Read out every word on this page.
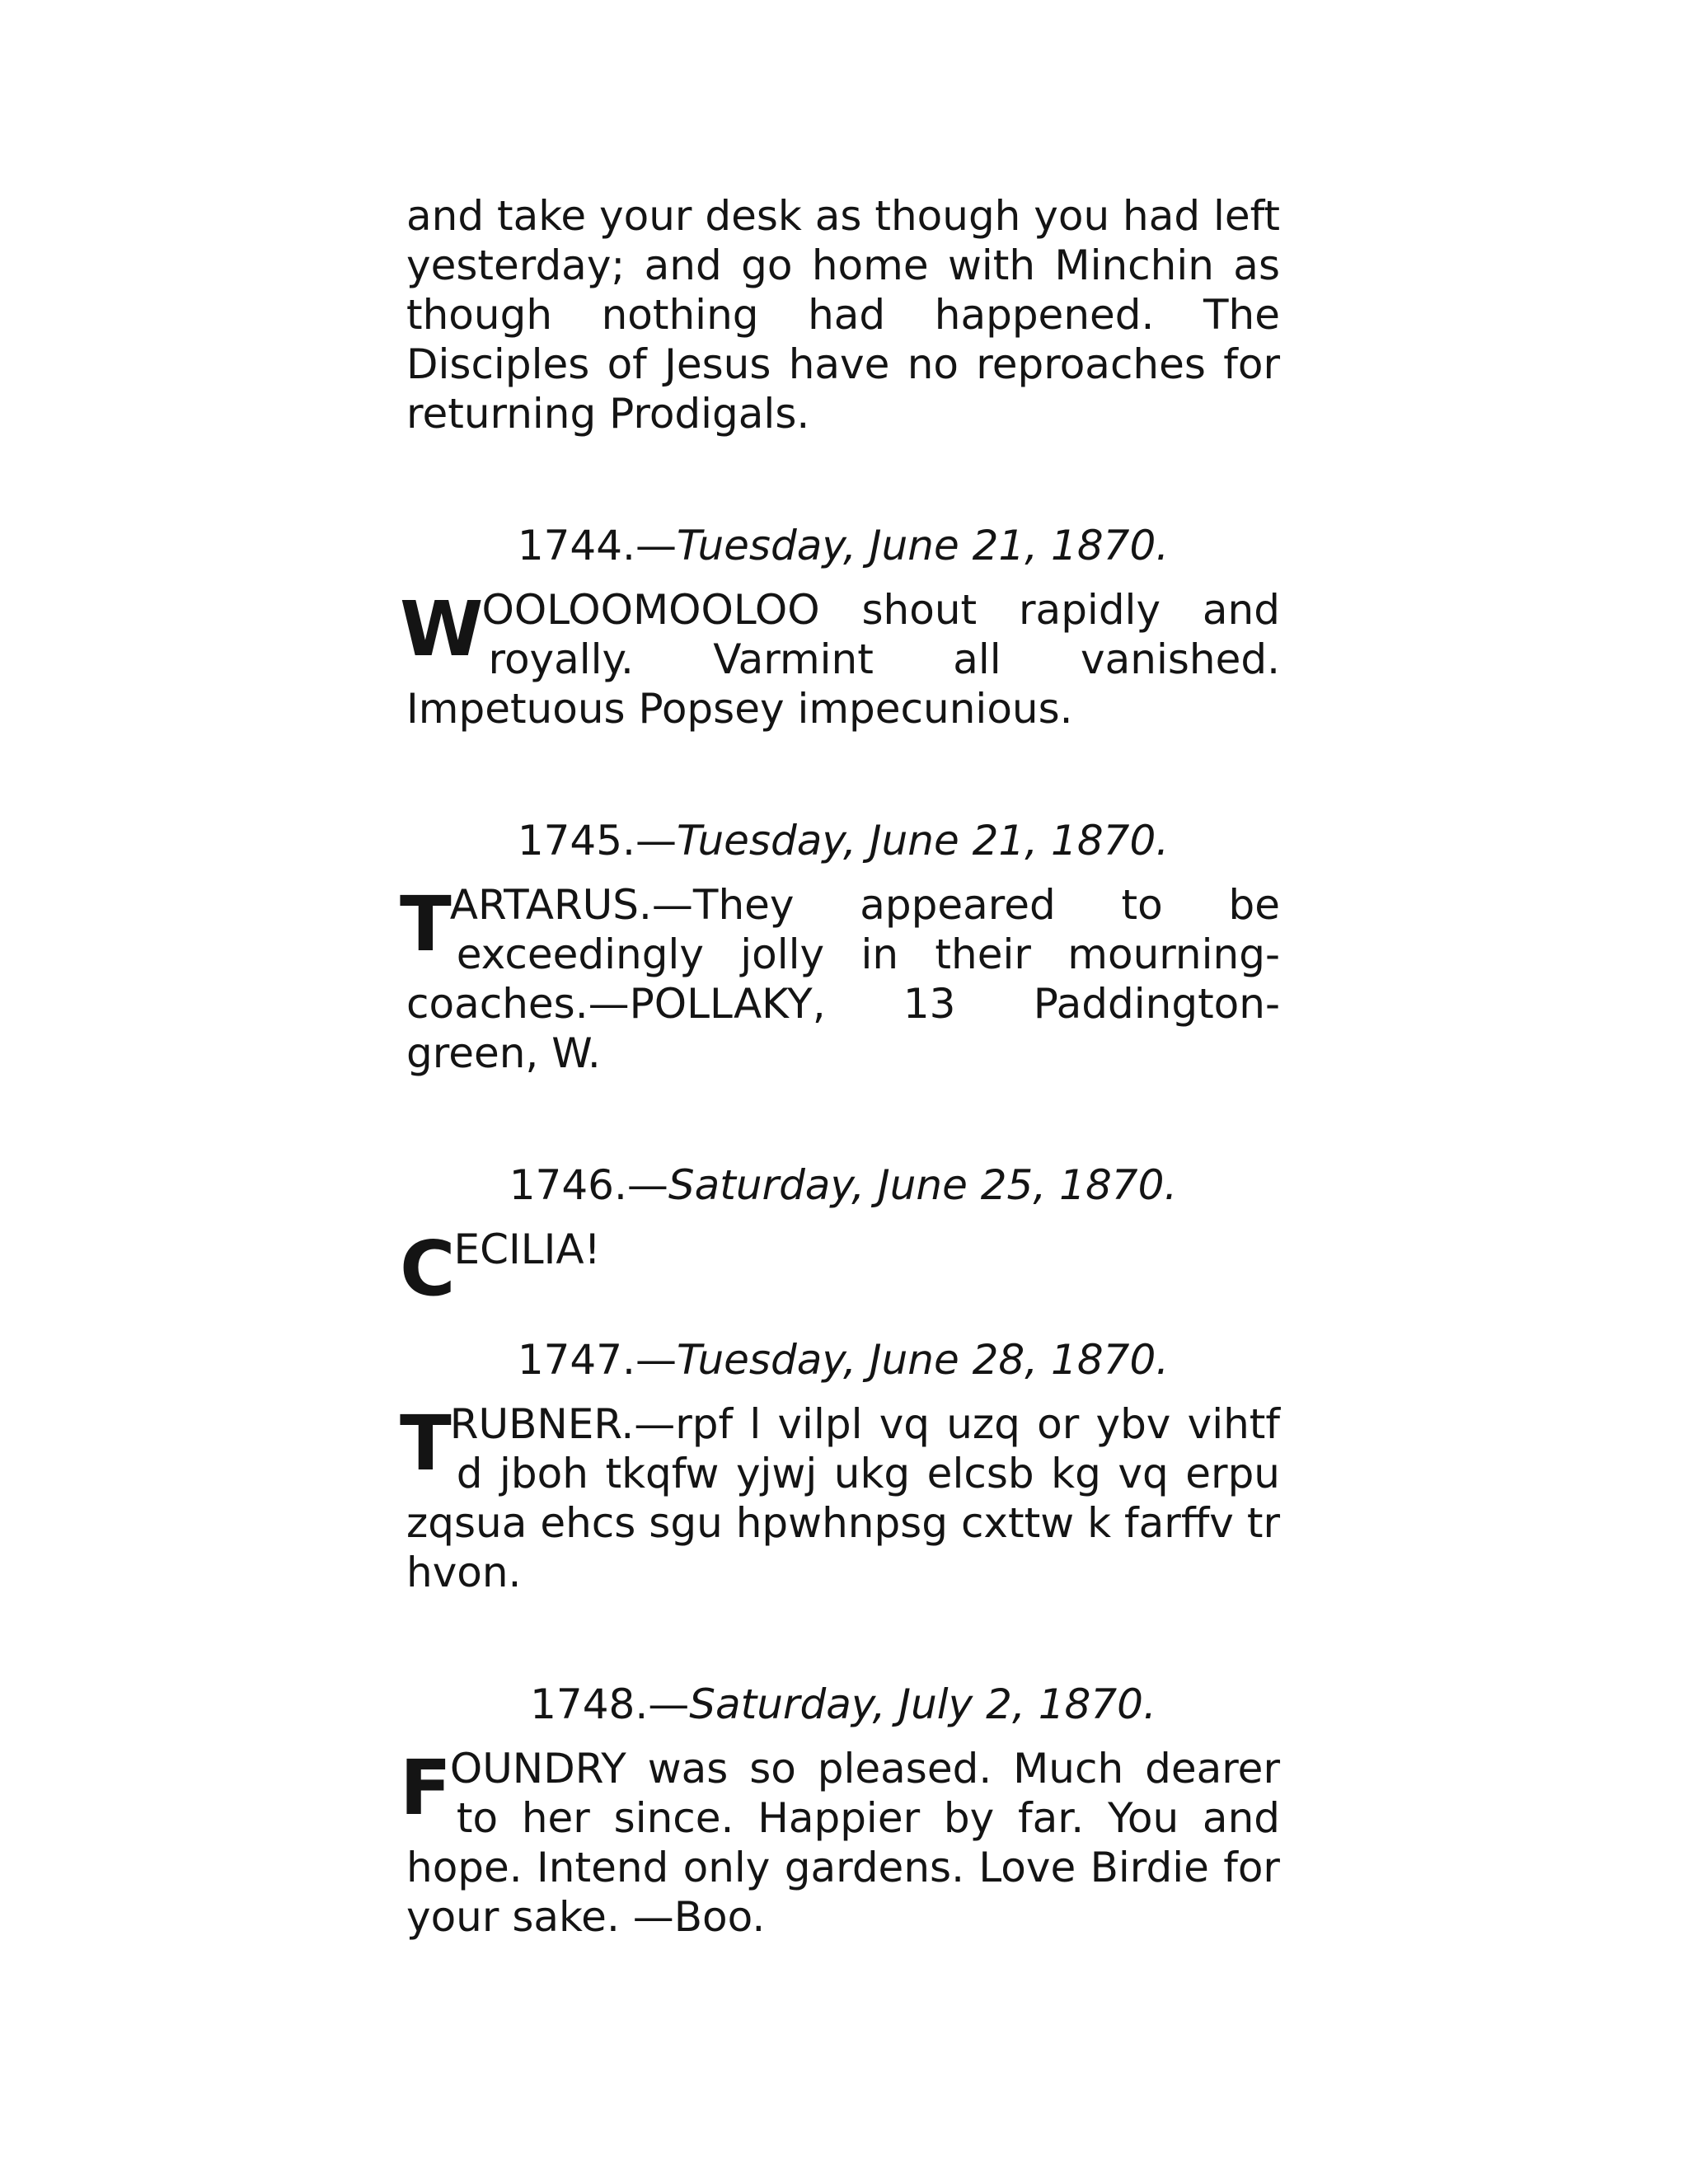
and take your desk as though you had left yesterday; and go home with Minchin as though nothing had happened. The Disciples of Jesus have no reproaches for returning Prodigals.

1744.—Tuesday, June 21, 1870.

W
OOLOOMOOLOO shout rapidly and royally. Varmint all vanished. Impetuous Popsey impecunious.

1745.—Tuesday, June 21, 1870.

T
ARTARUS.—They appeared to be exceedingly jolly in their mourning-coaches.—POLLAKY, 13 Paddington-green, W.

1746.—Saturday, June 25, 1870.

C
ECILIA!

1747.—Tuesday, June 28, 1870.

T
RUBNER.—rpf l vilpl vq uzq or ybv vihtf d jboh tkqfw yjwj ukg elcsb kg vq erpu zqsua ehcs sgu hpwhnpsg cxttw k farffv tr hvon.

1748.—Saturday, July 2, 1870.

F
OUNDRY was so pleased. Much dearer to her since. Happier by far. You and hope. Intend only gardens. Love Birdie for your sake. —Boo.
